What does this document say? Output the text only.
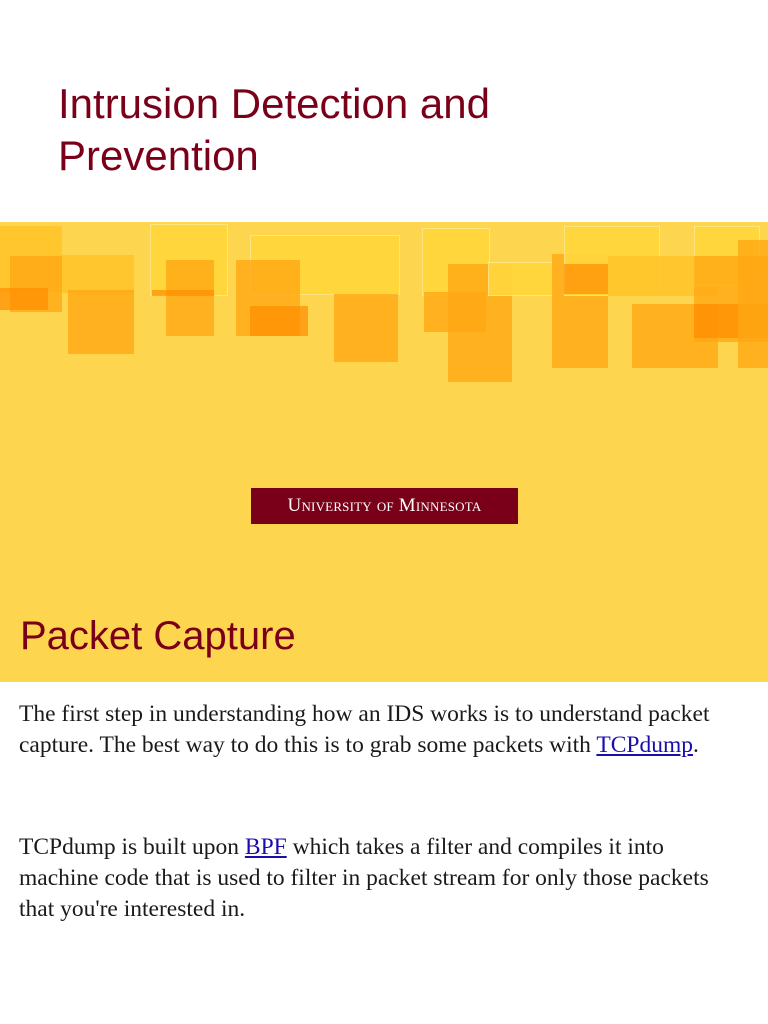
Intrusion Detection and
Prevention
University of Minnesota
Packet Capture

The first step in understanding how an IDS works is to understand packet capture. The best way to do this is to grab some packets with TCPdump.

TCPdump is built upon BPF which takes a filter and compiles it into machine code that is used to filter in packet stream for only those packets that you're interested in.
